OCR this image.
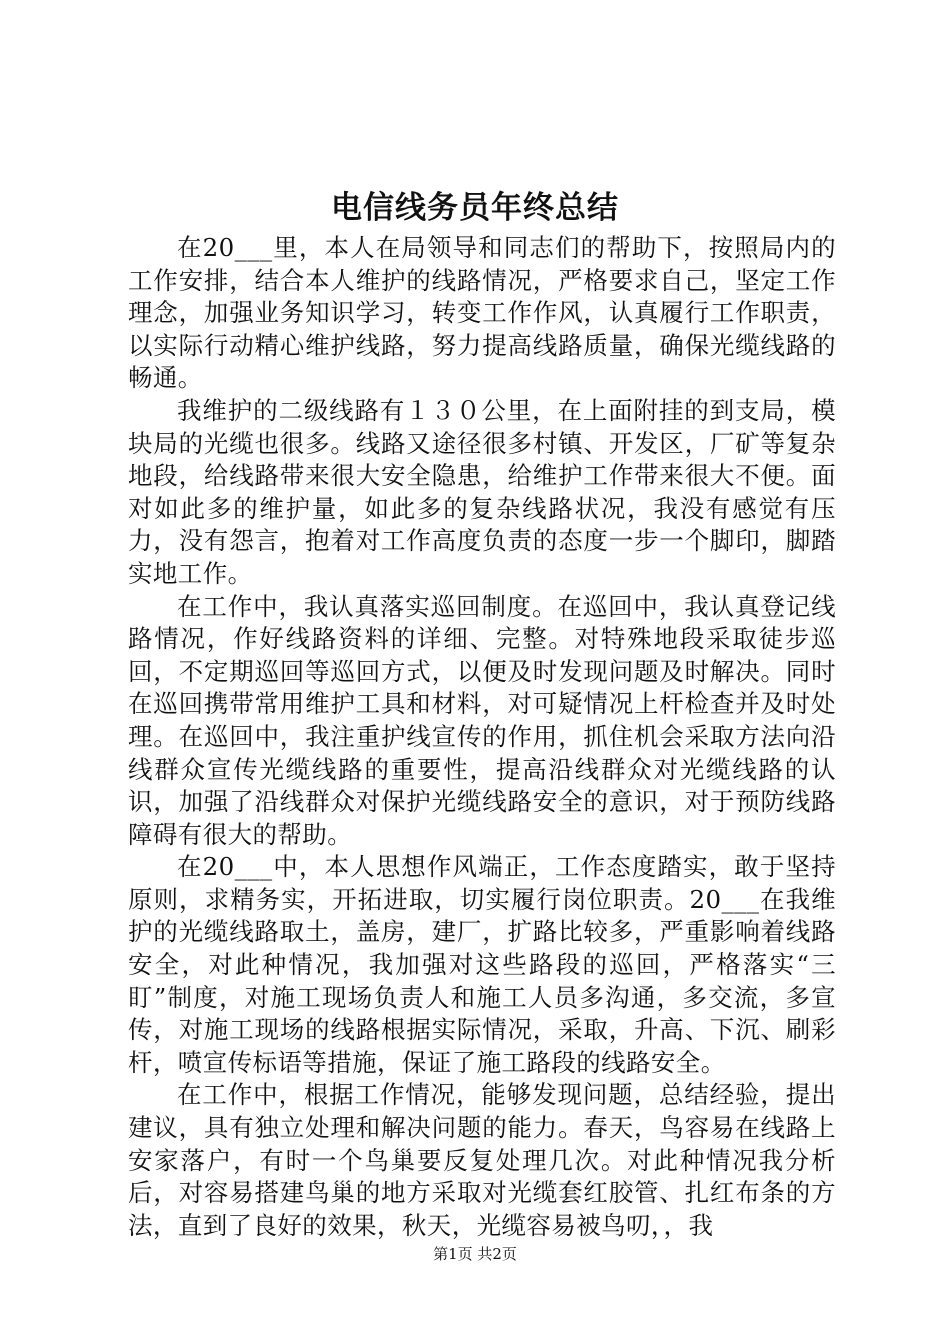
电信线务员年终总结

在20___里，本人在局领导和同志们的帮助下，按照局内的工作安排，结合本人维护的线路情况，严格要求自己，坚定工作理念，加强业务知识学习，转变工作作风，认真履行工作职责，以实际行动精心维护线路，努力提高线路质量，确保光缆线路的畅通。

我维护的二级线路有１３０公里，在上面附挂的到支局，模块局的光缆也很多。线路又途径很多村镇、开发区，厂矿等复杂地段，给线路带来很大安全隐患，给维护工作带来很大不便。面对如此多的维护量，如此多的复杂线路状况，我没有感觉有压力，没有怨言，抱着对工作高度负责的态度一步一个脚印，脚踏实地工作。

在工作中，我认真落实巡回制度。在巡回中，我认真登记线路情况，作好线路资料的详细、完整。对特殊地段采取徒步巡回，不定期巡回等巡回方式，以便及时发现问题及时解决。同时在巡回携带常用维护工具和材料，对可疑情况上杆检查并及时处理。在巡回中，我注重护线宣传的作用，抓住机会采取方法向沿线群众宣传光缆线路的重要性，提高沿线群众对光缆线路的认识，加强了沿线群众对保护光缆线路安全的意识，对于预防线路障碍有很大的帮助。

在20___中，本人思想作风端正，工作态度踏实，敢于坚持原则，求精务实，开拓进取，切实履行岗位职责。20___在我维护的光缆线路取土，盖房，建厂，扩路比较多，严重影响着线路安全，对此种情况，我加强对这些路段的巡回，严格落实“三盯”制度，对施工现场负责人和施工人员多沟通，多交流，多宣传，对施工现场的线路根据实际情况，采取，升高、下沉、刷彩杆，喷宣传标语等措施，保证了施工路段的线路安全。

在工作中，根据工作情况，能够发现问题，总结经验，提出建议，具有独立处理和解决问题的能力。春天，鸟容易在线路上安家落户，有时一个鸟巢要反复处理几次。对此种情况我分析后，对容易搭建鸟巢的地方采取对光缆套红胶管、扎红布条的方法，直到了良好的效果，秋天，光缆容易被鸟叨，，我

第1页 共2页
